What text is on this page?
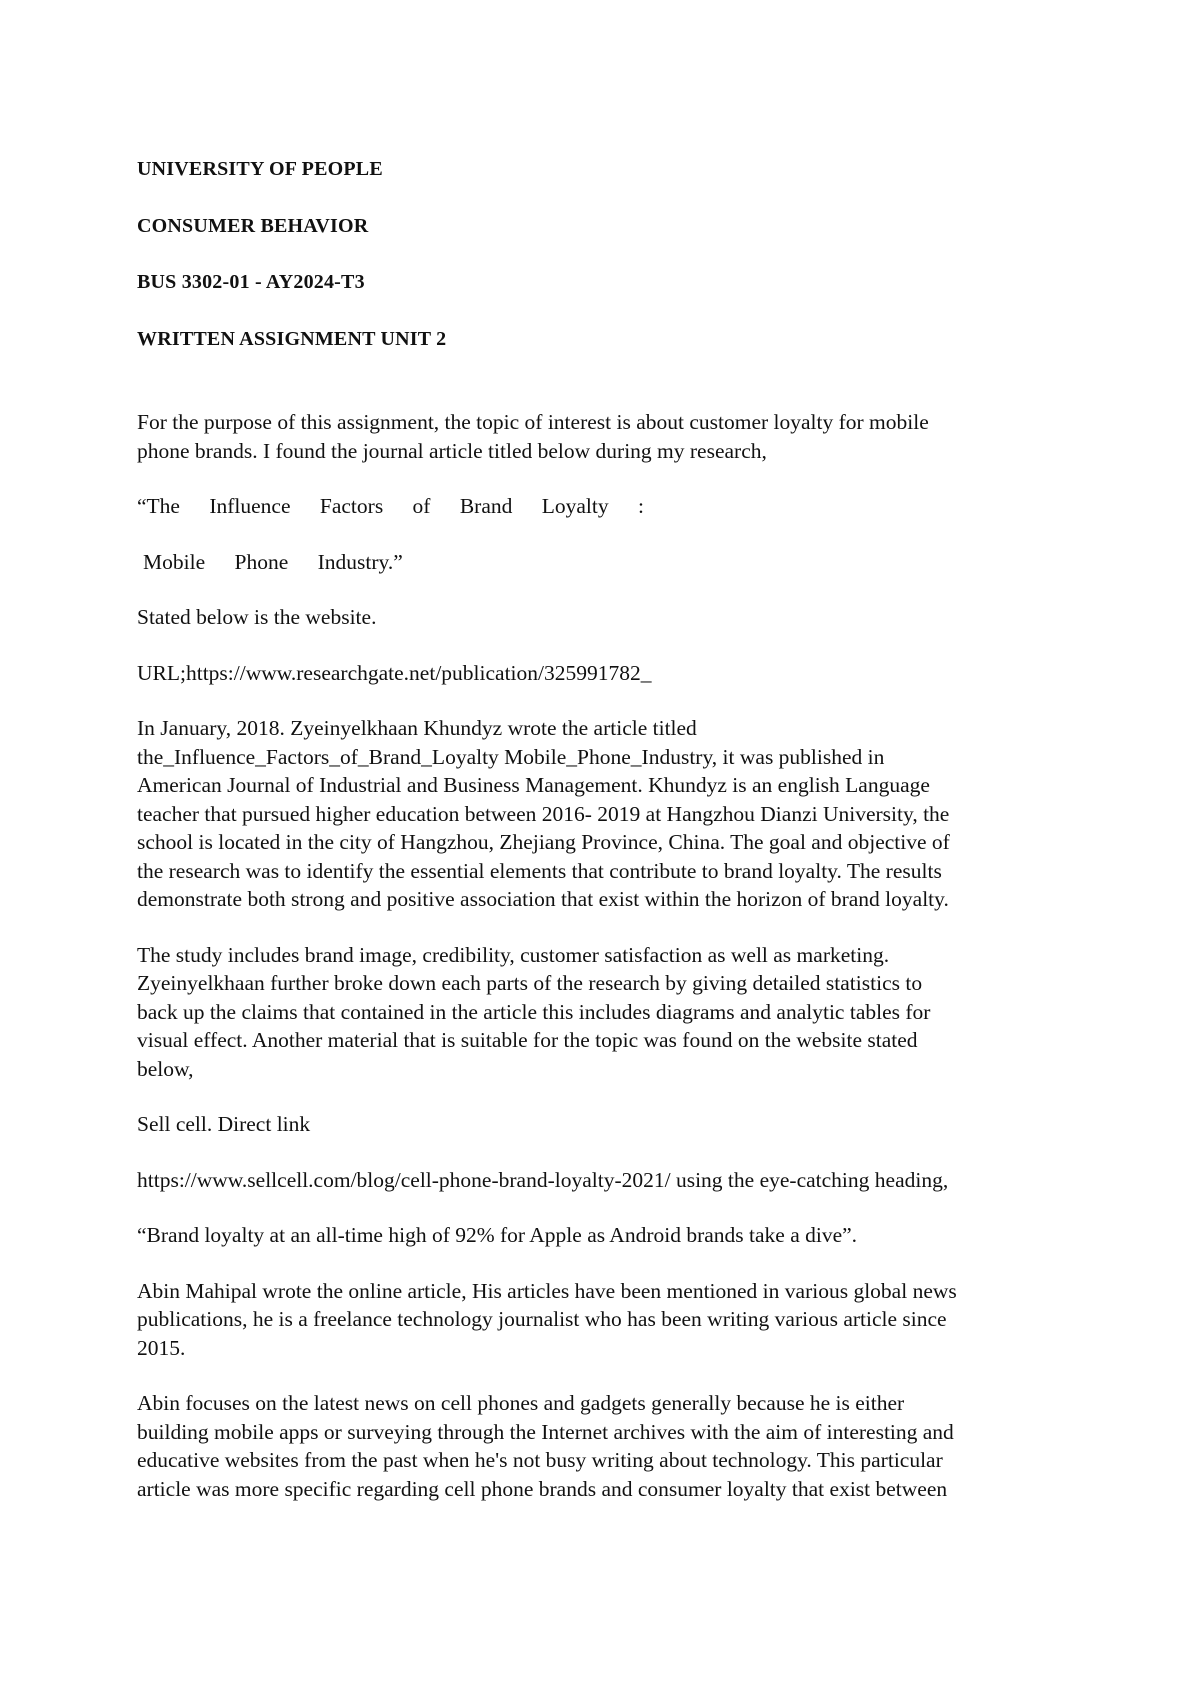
UNIVERSITY OF PEOPLE
CONSUMER BEHAVIOR
BUS 3302-01 - AY2024-T3
WRITTEN ASSIGNMENT UNIT 2
For the purpose of this assignment, the topic of interest is about customer loyalty for mobile
phone brands. I found the journal article titled below during my research,
“The Influence Factors of Brand Loyalty :
Mobile Phone Industry.”
Stated below is the website.
URL;https://www.researchgate.net/publication/325991782_
In January, 2018. Zyeinyelkhaan Khundyz wrote the article titled
the_Influence_Factors_of_Brand_Loyalty Mobile_Phone_Industry, it was published in
American Journal of Industrial and Business Management. Khundyz is an english Language
teacher that pursued higher education between 2016- 2019 at Hangzhou Dianzi University, the
school is located in the city of Hangzhou, Zhejiang Province, China. The goal and objective of
the research was to identify the essential elements that contribute to brand loyalty. The results
demonstrate both strong and positive association that exist within the horizon of brand loyalty.
The study includes brand image, credibility, customer satisfaction as well as marketing.
Zyeinyelkhaan further broke down each parts of the research by giving detailed statistics to
back up the claims that contained in the article this includes diagrams and analytic tables for
visual effect. Another material that is suitable for the topic was found on the website stated
below,
Sell cell. Direct link
https://www.sellcell.com/blog/cell-phone-brand-loyalty-2021/ using the eye-catching heading,
“Brand loyalty at an all-time high of 92% for Apple as Android brands take a dive”.
Abin Mahipal wrote the online article, His articles have been mentioned in various global news
publications, he is a freelance technology journalist who has been writing various article since
2015.
Abin focuses on the latest news on cell phones and gadgets generally because he is either
building mobile apps or surveying through the Internet archives with the aim of interesting and
educative websites from the past when he's not busy writing about technology. This particular
article was more specific regarding cell phone brands and consumer loyalty that exist between
